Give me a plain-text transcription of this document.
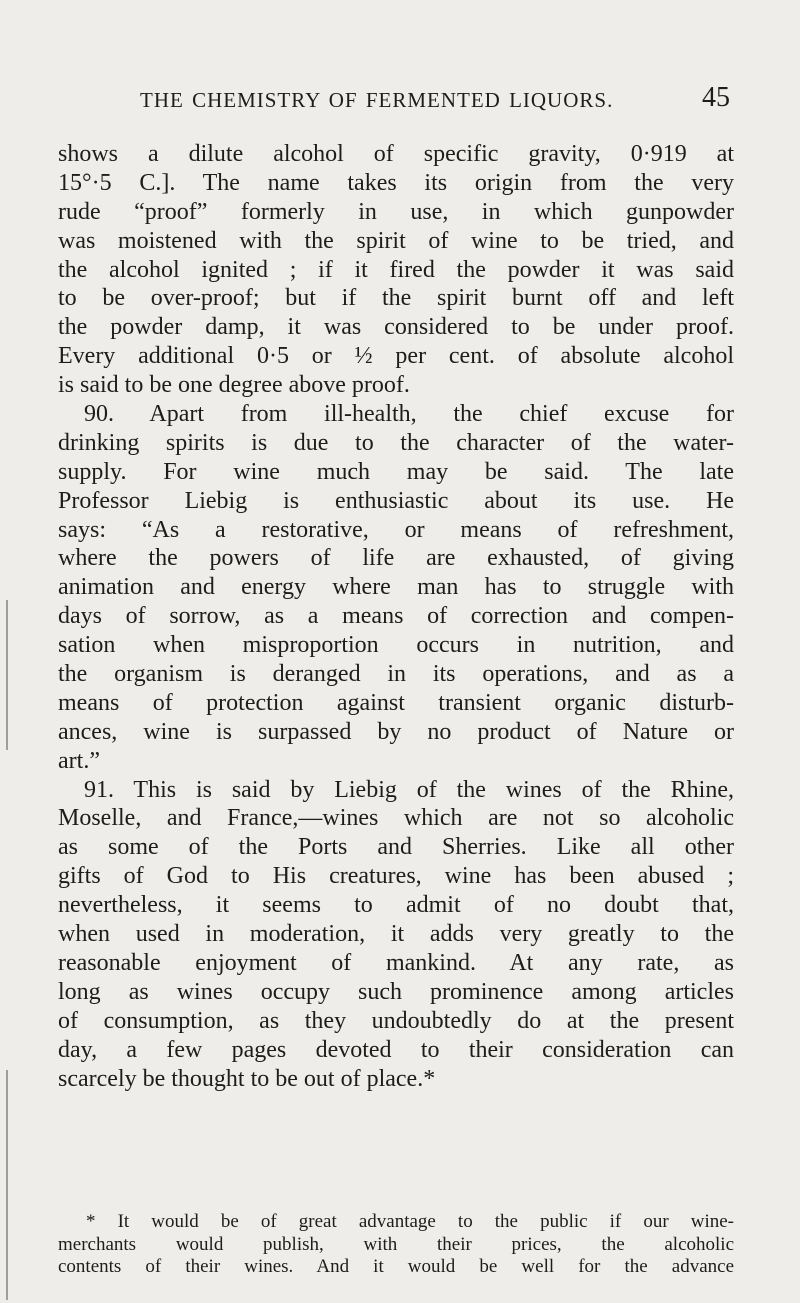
THE CHEMISTRY OF FERMENTED LIQUORS.	45
shows a dilute alcohol of specific gravity, 0·919 at
15°·5 C.]. The name takes its origin from the very
rude “proof” formerly in use, in which gunpowder
was moistened with the spirit of wine to be tried, and
the alcohol ignited ; if it fired the powder it was said
to be over-proof; but if the spirit burnt off and left
the powder damp, it was considered to be under proof.
Every additional 0·5 or ½ per cent. of absolute alcohol
is said to be one degree above proof.
90. Apart from ill-health, the chief excuse for
drinking spirits is due to the character of the water-
supply. For wine much may be said. The late
Professor Liebig is enthusiastic about its use. He
says: “As a restorative, or means of refreshment,
where the powers of life are exhausted, of giving
animation and energy where man has to struggle with
days of sorrow, as a means of correction and compen-
sation when misproportion occurs in nutrition, and
the organism is deranged in its operations, and as a
means of protection against transient organic disturb-
ances, wine is surpassed by no product of Nature or
art.”
91. This is said by Liebig of the wines of the Rhine,
Moselle, and France,—wines which are not so alcoholic
as some of the Ports and Sherries. Like all other
gifts of God to His creatures, wine has been abused ;
nevertheless, it seems to admit of no doubt that,
when used in moderation, it adds very greatly to the
reasonable enjoyment of mankind. At any rate, as
long as wines occupy such prominence among articles
of consumption, as they undoubtedly do at the present
day, a few pages devoted to their consideration can
scarcely be thought to be out of place.*
* It would be of great advantage to the public if our wine-
merchants would publish, with their prices, the alcoholic
contents of their wines. And it would be well for the advance
